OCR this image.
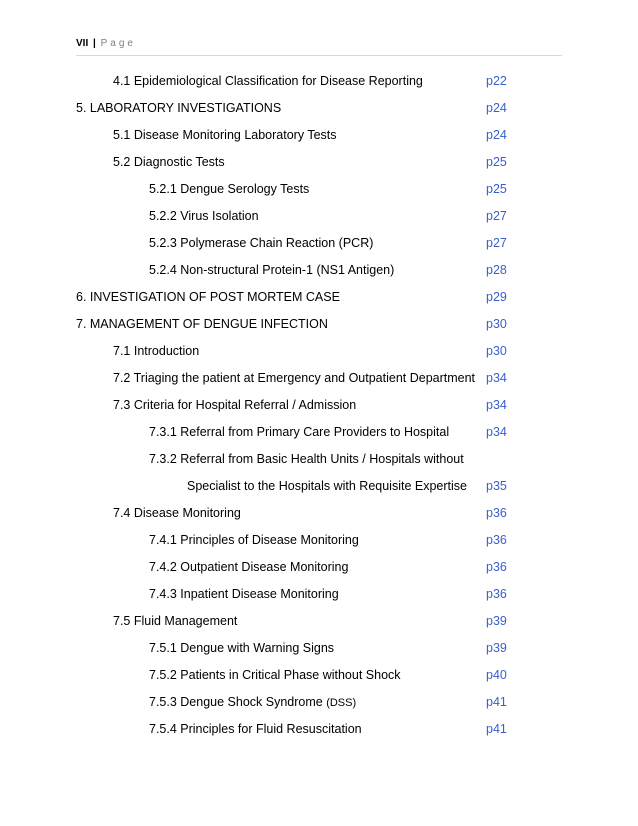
VII | Page
4.1 Epidemiological Classification for Disease Reporting	p22
5. LABORATORY INVESTIGATIONS	p24
5.1 Disease Monitoring Laboratory Tests	p24
5.2 Diagnostic Tests	p25
5.2.1 Dengue Serology Tests	p25
5.2.2 Virus Isolation	p27
5.2.3 Polymerase Chain Reaction (PCR)	p27
5.2.4 Non-structural Protein-1 (NS1 Antigen)	p28
6. INVESTIGATION OF POST MORTEM CASE	p29
7. MANAGEMENT OF DENGUE INFECTION	p30
7.1 Introduction	p30
7.2 Triaging the patient at Emergency and Outpatient Department p34
7.3 Criteria for Hospital Referral / Admission	p34
7.3.1 Referral from Primary Care Providers to Hospital	p34
7.3.2 Referral from Basic Health Units / Hospitals without
Specialist to the Hospitals with Requisite Expertise p35
7.4 Disease Monitoring	p36
7.4.1 Principles of Disease Monitoring	p36
7.4.2 Outpatient Disease Monitoring	p36
7.4.3 Inpatient Disease Monitoring	p36
7.5 Fluid Management	p39
7.5.1 Dengue with Warning Signs	p39
7.5.2 Patients in Critical Phase without Shock	p40
7.5.3 Dengue Shock Syndrome (DSS)	p41
7.5.4 Principles for Fluid Resuscitation	p41
